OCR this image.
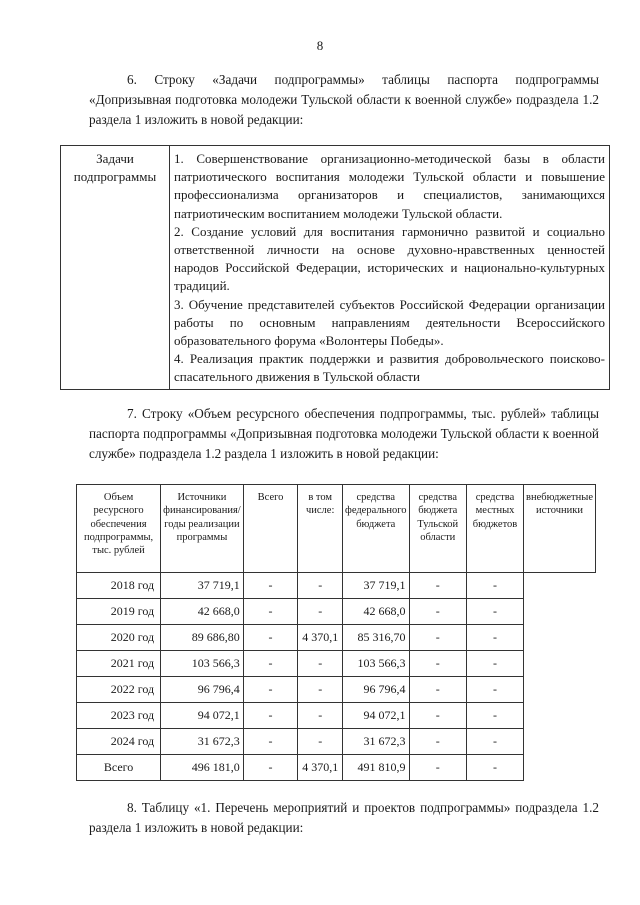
8

6. Строку «Задачи подпрограммы» таблицы паспорта подпрограммы «Допризывная подготовка молодежи Тульской области к военной службе» подраздела 1.2 раздела 1 изложить в новой редакции:

Задачи подпрограммы	

1. Совершенствование организационно-методической базы в области патриотического воспитания молодежи Тульской области и повышение профессионализма организаторов и специалистов, занимающихся патриотическим воспитанием молодежи Тульской области.

2. Создание условий для воспитания гармонично развитой и социально ответственной личности на основе духовно-нравственных ценностей народов Российской Федерации, исторических и национально-культурных традиций.

3. Обучение представителей субъектов Российской Федерации организации работы по основным направлениям деятельности Всероссийского образовательного форума «Волонтеры Победы».

4. Реализация практик поддержки и развития добровольческого поисково-спасательного движения в Тульской области

7. Строку «Объем ресурсного обеспечения подпрограммы, тыс. рублей» таблицы паспорта подпрограммы «Допризывная подготовка молодежи Тульской области к военной службе» подраздела 1.2 раздела 1 изложить в новой редакции:

Объем ресурсного обеспечения подпрограммы, тыс. рублей	Источники финансирования/годы реализации программы	Всего	в том числе:	средства федерального бюджета	средства бюджета Тульской области	средства местных бюджетов	внебюджетные источники
2018 год	37 719,1	-	-	37 719,1	-	-	
2019 год	42 668,0	-	-	42 668,0	-	-	
2020 год	89 686,80	-	4 370,1	85 316,70	-	-	
2021 год	103 566,3	-	-	103 566,3	-	-	
2022 год	96 796,4	-	-	96 796,4	-	-	
2023 год	94 072,1	-	-	94 072,1	-	-	
2024 год	31 672,3	-	-	31 672,3	-	-	
Всего	496 181,0	-	4 370,1	491 810,9	-	-	

8. Таблицу «1. Перечень мероприятий и проектов подпрограммы» подраздела 1.2 раздела 1 изложить в новой редакции:
